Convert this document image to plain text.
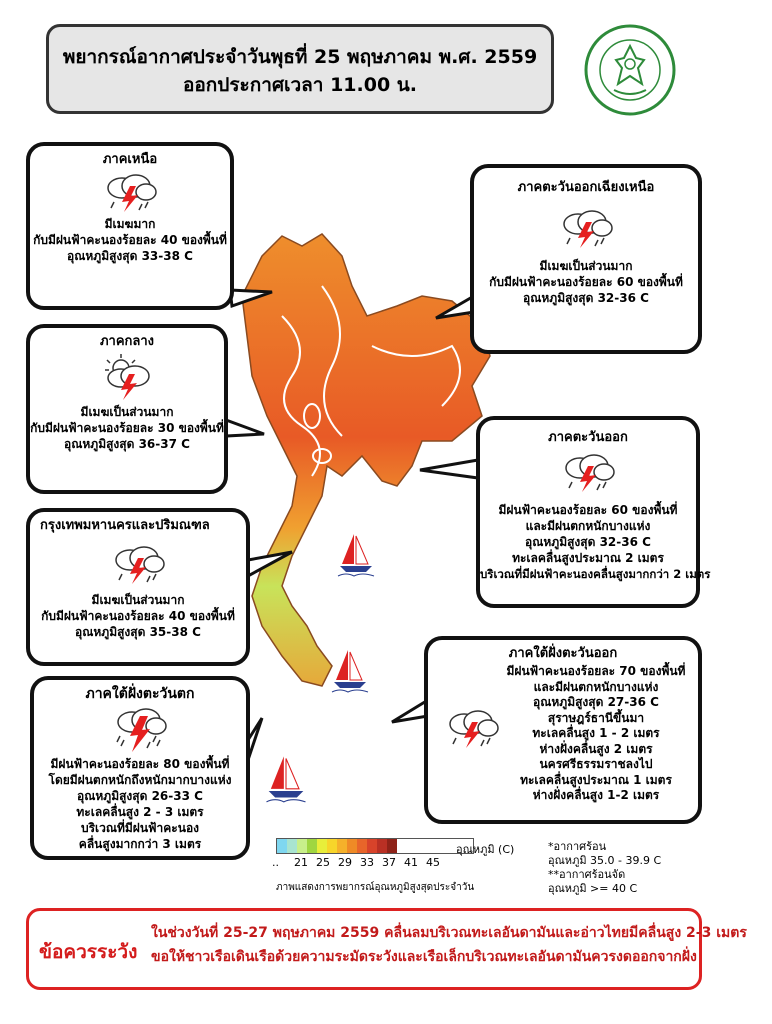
พยากรณ์อากาศประจำวันพุธที่ 25 พฤษภาคม พ.ศ. 2559
ออกประกาศเวลา 11.00 น.
ภาคเหนือ
มีเมฆมาก
กับมีฝนฟ้าคะนองร้อยละ 40 ของพื้นที่
อุณหภูมิสูงสุด 33-38 C
ภาคตะวันออกเฉียงเหนือ
มีเมฆเป็นส่วนมาก
กับมีฝนฟ้าคะนองร้อยละ 60 ของพื้นที่
อุณหภูมิสูงสุด 32-36 C
ภาคกลาง
มีเมฆเป็นส่วนมาก
กับมีฝนฟ้าคะนองร้อยละ 30 ของพื้นที่
อุณหภูมิสูงสุด 36-37 C	ภาคตะวันออก
มีฝนฟ้าคะนองร้อยละ 60 ของพื้นที่
และมีฝนตกหนักบางแห่ง
อุณหภูมิสูงสุด 32-36 C
ทะเลคลื่นสูงประมาณ 2 เมตร
บริเวณที่มีฝนฟ้าคะนองคลื่นสูงมากกว่า 2 เมตร
กรุงเทพมหานครและปริมณฑล
มีเมฆเป็นส่วนมาก
กับมีฝนฟ้าคะนองร้อยละ 40 ของพื้นที่
อุณหภูมิสูงสุด 35-38 C
ภาคใต้ฝั่งตะวันออก
มีฝนฟ้าคะนองร้อยละ 70 ของพื้นที่
และมีฝนตกหนักบางแห่ง
อุณหภูมิสูงสุด 27-36 C
สุราษฎร์ธานีขึ้นมา
ทะเลคลื่นสูง 1 - 2 เมตร
ห่างฝั่งคลื่นสูง 2 เมตร
นครศรีธรรมราชลงไป
ทะเลคลื่นสูงประมาณ 1 เมตร
ห่างฝั่งคลื่นสูง 1-2 เมตร
ภาคใต้ฝั่งตะวันตก
มีฝนฟ้าคะนองร้อยละ 80 ของพื้นที่
โดยมีฝนตกหนักถึงหนักมากบางแห่ง
อุณหภูมิสูงสุด 26-33 C
ทะเลคลื่นสูง 2 - 3 เมตร
บริเวณที่มีฝนฟ้าคะนอง
คลื่นสูงมากกว่า 3 เมตร	อุณหภูมิ (C)
.. 21 25 29 33 37 41 45
ภาพแสดงการพยากรณ์อุณหภูมิสูงสุดประจำวัน
*อากาศร้อน
อุณหภูมิ 35.0 - 39.9 C
**อากาศร้อนจัด
อุณหภูมิ >= 40 C
ข้อควรระวัง
ในช่วงวันที่ 25-27 พฤษภาคม 2559 คลื่นลมบริเวณทะเลอันดามันและอ่าวไทยมีคลื่นสูง 2-3 เมตร
ขอให้ชาวเรือเดินเรือด้วยความระมัดระวังและเรือเล็กบริเวณทะเลอันดามันควรงดออกจากฝั่ง
